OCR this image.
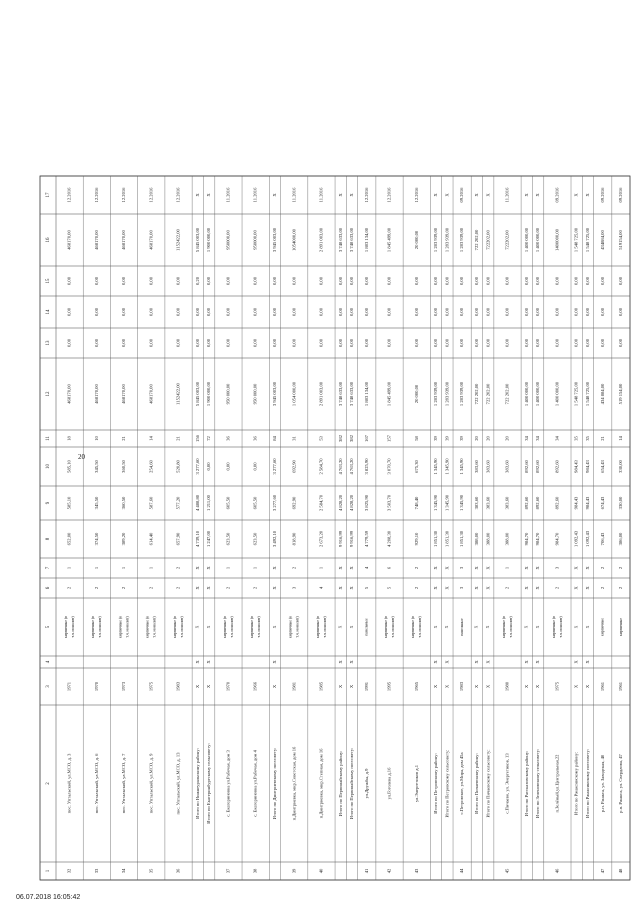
1
2
3
4
5
6
7
8
9
10
11
12
13
14
15
16
17
32
пос. Уптальский, ул.МСО, д. 3
1971
кирпичные (в т.ч. монолит)
2
1
652,00
585,10
585,10
18
468170,00
0,00
0,00
0,00
468170,00
12.2016
33
пос. Уптальский, ул.МСО, д. 6
1970
кирпичные (в т.ч. монолит)
2
1
374,50
345,50
345,50
10
468170,00
0,00
0,00
0,00
468170,00
12.2016
34
пос. Уптальский, ул.МСО, д. 7
1973
кирпичные (в т.ч. монолит)
2
1
389,20
360,50
360,50
21
468170,00
0,00
0,00
0,00
468170,00
12.2016
35
пос. Уптальский, ул.МСО, д. 9
1975
кирпичные (в т.ч. монолит)
2
1
614,40
587,60
254,60
14
468170,00
0,00
0,00
0,00
468170,00
12.2016
36
пос. Уптальский, ул.МСО, д. 13
1983
кирпичные (в т.ч. монолит)
2
2
657,90
577,20
520,80
21
1152422,00
0,00
0,00
0,00
1152422,00
12.2016
Итого по Нижнеуральскому району:
X
X
X
X
X
4 739,10
4 488,80
3 277,60
156
5 845 003,00
0,00
0,00
0,20
5 845 003,00
X
Итого по Екатеринбургскому сельсовету:
X
X
X
X
X
1 247,00
1 211,00
0,00
72
1 900 000,00
0,00
0,00
0,00
1 900 000,00
X
37
с. Екатериновка ул.Рабочая, дом 3
1970
кирпичные (в т.ч. монолит)
2
1
623,50
605,50
0,00
36
950 000,00
0,00
0,00
0,00
950000,00
11.2016
38
с. Екатериновка ул.Рабочая, дом 4
1966
кирпичные (в т.ч. монолит)
2
1
623,50
605,50
0,00
36
950 000,00
0,00
0,00
0,00
950000,00
11.2016
Итого по Дмитриевскому поссовету:
X
X
X
X
X
3 492,10
3 277,60
3 277,60
84
3 945 003,00
0,00
0,00
0,00
3 945 003,00
X
39
п.Дмитриевка, мкр.Советская, дом 16
1981
кирпичные (в т.ч. монолит)
3
2
818,90
692,90
692,90
31
1 054 000,00
0,00
0,00
0,00
1054000,00
11.2016
40
п.Дмитриевка, мкр.Степная, дом 16
1985
кирпичные (в т.ч. монолит)
4
1
2 673,20
2 584,70
2 584,70
53
2 891 003,00
0,00
0,00
0,00
2 891 003,00
11.2016
Итого по Первомайскому району:
X
X
X
X
X
9 916,99
4 828,20
4 763,20
382
3 748 633,00
0,00
0,00
0,00
3 748 633,00
X
Итого по Первомайскому поссовету:
X
X
X
X
X
9 916,99
4 828,20
4 763,20
382
3 748 633,00
0,00
0,00
0,00
3 748 633,00
X
41
ул.Дружбы, д.9
1991
панельные
5
4
4 779,59
3 825,90
3 825,90
167
1 883 134,00
0,00
0,00
0,00
1 883 134,00
12.2016
42
ул.Гоголева д.16
1995
кирпичные (в т.ч. монолит)
5
6
4 208,30
3 503,70
3 070,70
157
1 845 499,00
0,00
0,00
0,00
1 845 499,00
12.2016
43
ул.Энергетиков д.1
1965
кирпичные (в т.ч. монолит)
2
2
929,10
748,40
675,30
58
20 000,00
0,00
0,00
0,00
20 000,00
12.2016
Итого по Петровскому району:
X
X
X
X
X
1 851,30
1 345,90
1 345,90
39
1 283 939,00
0,00
0,00
0,00
1 283 939,00
X
Итого по Петровскому сельсовету:
X
X
X
X
X
1 851,30
1 345,90
1 345,90
39
1 283 939,00
0,00
0,00
0,00
1 283 939,00
X
44
с.Петровское, ул.Мира, дом 45а
1983
панельные
3
3
1 851,30
1 345,90
1 345,90
39
1 283 939,00
0,00
0,00
0,00
1 283 939,00
09.2016
Итого по Пичаевскому району:
X
X
X
X
X
388,00
383,60
383,60
20
722 202,00
0,00
0,00
0,00
722 202,00
X
Итого по Пичаевскому сельсовету:
X
X
X
X
X
388,00
383,60
383,60
20
722 202,00
0,00
0,00
0,00
722202,00
X
45
с.Пичаево, ул. Энергетиков, 13
1980
кирпичные (в т.ч. монолит)
2
1
388,00
383,60
383,60
20
722 202,00
0,00
0,00
0,00
722202,00
11.2016
Итого по Рассказовскому району:
X
X
X
X
X
984,70
892,60
892,60
34
1 400 000,00
0,00
0,00
0,00
1 400 000,00
X
Итого по Зеленовскому сельсовету:
X
X
X
X
X
984,70
892,60
892,60
34
1 400 000,00
0,00
0,00
0,00
1 400 000,00
X
46
п.Зелёный,ул.Центральная,22
1975
кирпичные (в т.ч. монолит)
2
3
984,70
892,60
892,60
34
1 400 000,00
0,00
0,00
0,00
1400000,00
09.2016
Итого по Ржаксинскому району:
X
X
X
X
X
1 092,43
984,43
984,43
35
1 548 725,00
0,00
0,00
0,00
1 548 725,00
X
Итого по Ржаксинскому поссовету:
X
X
X
X
X
1 092,43
984,43
984,43
35
1 548 725,00
0,00
0,00
0,00
1 548 725,00
X
47
р.п. Ржакса, ул. Заводская, 40
1961
кирпичные
2
2
706,43
674,43
654,43
21
434 884,00
0,00
0,00
0,00
434884,00
09.2016
48
р.п. Ржакса, ул. Свердлова, 47
1961
кирпичные
2
2
386,00
330,00
330,00
14
519 154,00
0,00
0,00
0,00
519154,00
09.2016
20
06.07.2018 16:05:42
